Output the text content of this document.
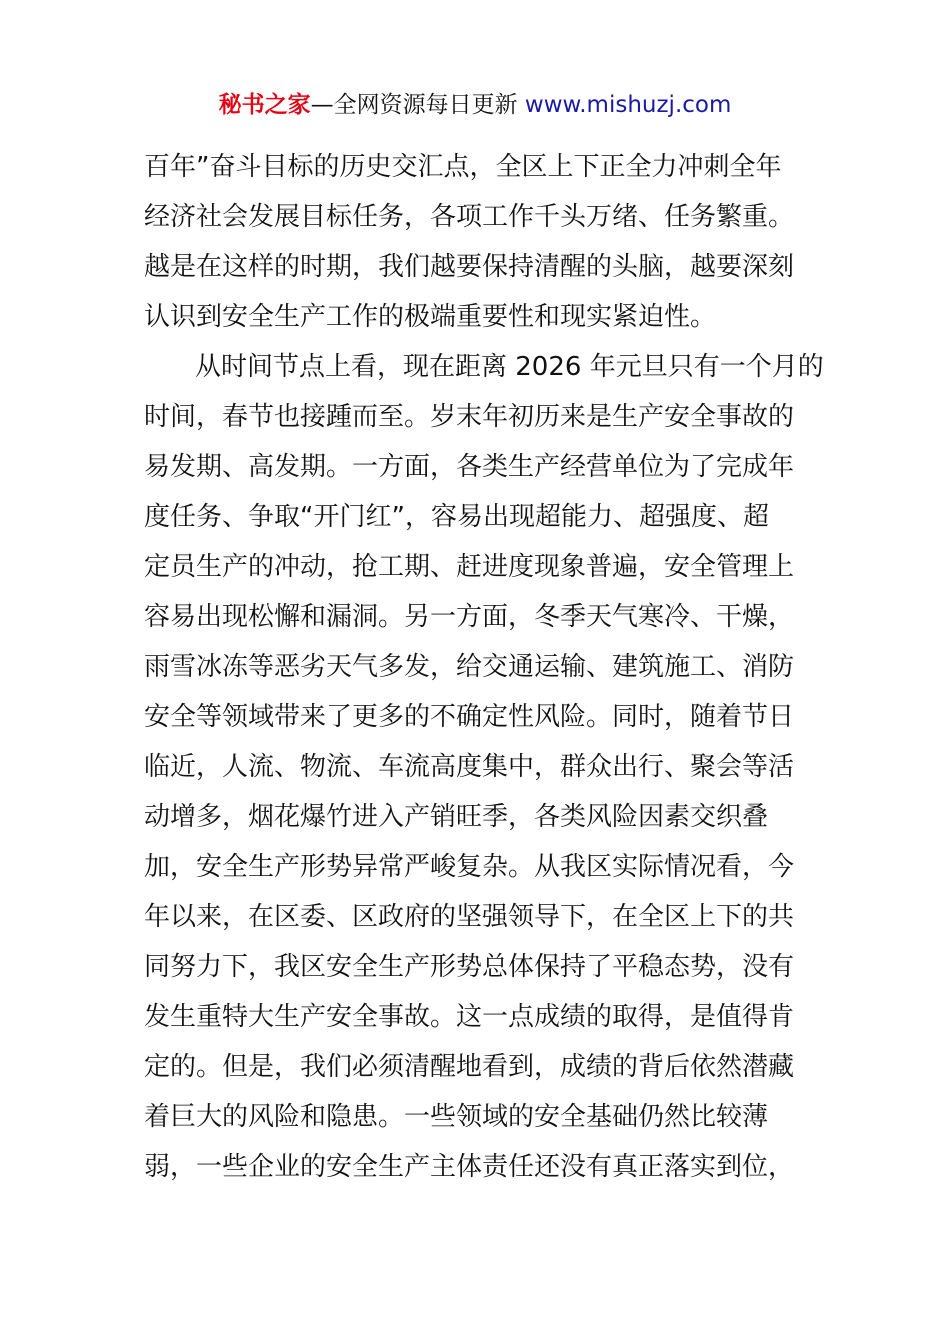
秘书之家—全网资源每日更新 www.mishuzj.com
百年”奋斗目标的历史交汇点，全区上下正全力冲刺全年
经济社会发展目标任务，各项工作千头万绪、任务繁重。
越是在这样的时期，我们越要保持清醒的头脑，越要深刻
认识到安全生产工作的极端重要性和现实紧迫性。
从时间节点上看，现在距离 2026 年元旦只有一个月的
时间，春节也接踵而至。岁末年初历来是生产安全事故的
易发期、高发期。一方面，各类生产经营单位为了完成年
度任务、争取“开门红”，容易出现超能力、超强度、超
定员生产的冲动，抢工期、赶进度现象普遍，安全管理上
容易出现松懈和漏洞。另一方面，冬季天气寒冷、干燥，
雨雪冰冻等恶劣天气多发，给交通运输、建筑施工、消防
安全等领域带来了更多的不确定性风险。同时，随着节日
临近，人流、物流、车流高度集中，群众出行、聚会等活
动增多，烟花爆竹进入产销旺季，各类风险因素交织叠
加，安全生产形势异常严峻复杂。从我区实际情况看，今
年以来，在区委、区政府的坚强领导下，在全区上下的共
同努力下，我区安全生产形势总体保持了平稳态势，没有
发生重特大生产安全事故。这一点成绩的取得，是值得肯
定的。但是，我们必须清醒地看到，成绩的背后依然潜藏
着巨大的风险和隐患。一些领域的安全基础仍然比较薄
弱，一些企业的安全生产主体责任还没有真正落实到位，
